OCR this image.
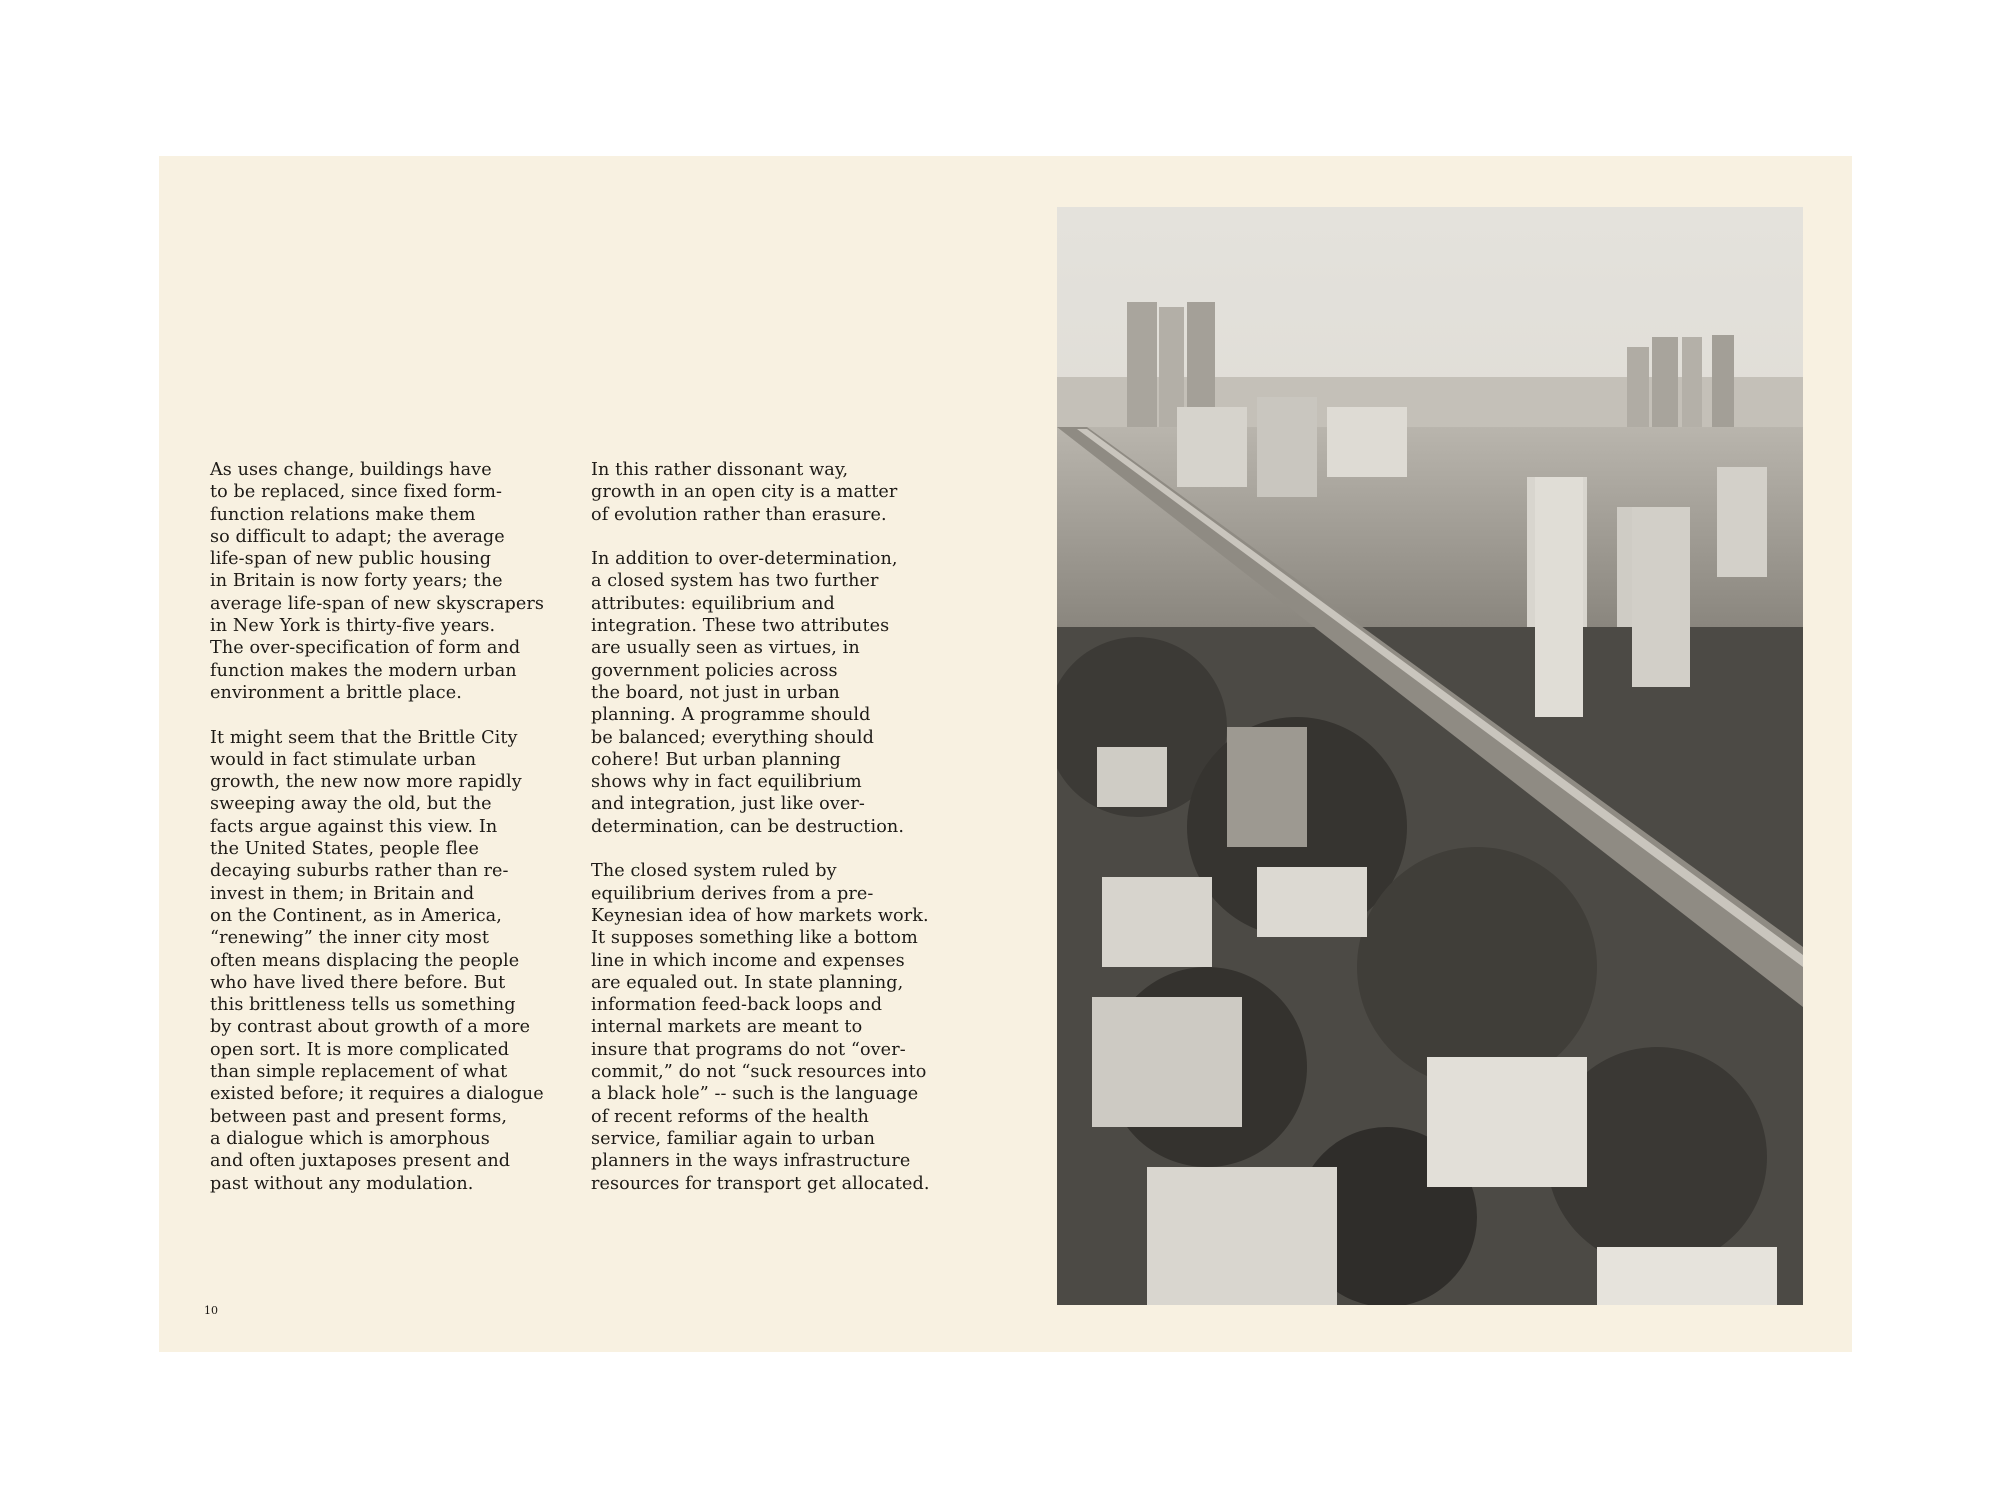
As uses change, buildings have
to be replaced, since fixed form-
function relations make them
so difficult to adapt; the average
life-span of new public housing
in Britain is now forty years; the
average life-span of new skyscrapers
in New York is thirty-five years.
The over-specification of form and
function makes the modern urban
environment a brittle place.
It might seem that the Brittle City
would in fact stimulate urban
growth, the new now more rapidly
sweeping away the old, but the
facts argue against this view. In
the United States, people flee
decaying suburbs rather than re-
invest in them; in Britain and
on the Continent, as in America,
“renewing” the inner city most
often means displacing the people
who have lived there before. But
this brittleness tells us something
by contrast about growth of a more
open sort. It is more complicated
than simple replacement of what
existed before; it requires a dialogue
between past and present forms,
a dialogue which is amorphous
and often juxtaposes present and
past without any modulation.
In this rather dissonant way,
growth in an open city is a matter
of evolution rather than erasure.
In addition to over-determination,
a closed system has two further
attributes: equilibrium and
integration. These two attributes
are usually seen as virtues, in
government policies across
the board, not just in urban
planning. A programme should
be balanced; everything should
cohere! But urban planning
shows why in fact equilibrium
and integration, just like over-
determination, can be destruction.
The closed system ruled by
equilibrium derives from a pre-
Keynesian idea of how markets work.
It supposes something like a bottom
line in which income and expenses
are equaled out. In state planning,
information feed-back loops and
internal markets are meant to
insure that programs do not “over-
commit,” do not “suck resources into
a black hole” -- such is the language
of recent reforms of the health
service, familiar again to urban
planners in the ways infrastructure
resources for transport get allocated.
10
